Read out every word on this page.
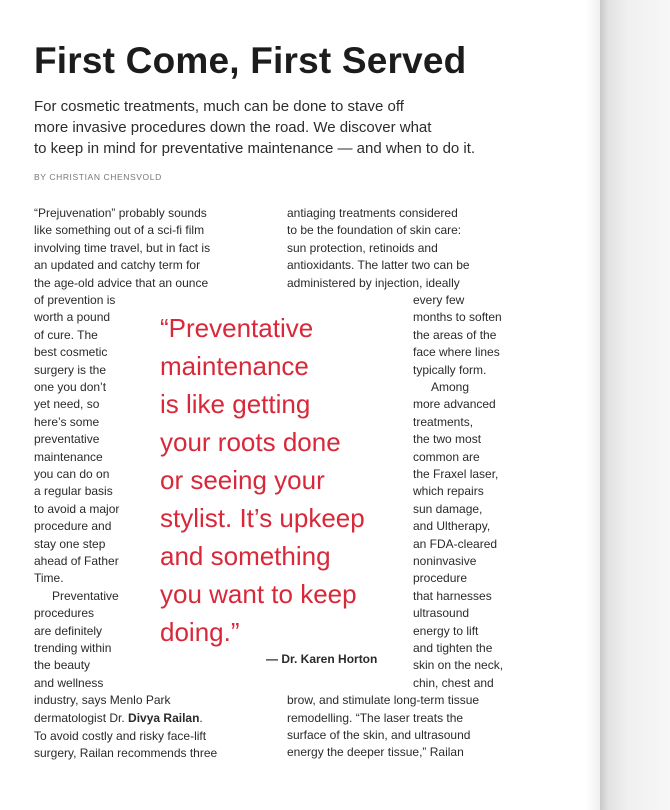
First Come, First Served
For cosmetic treatments, much can be done to stave off
more invasive procedures down the road. We discover what
to keep in mind for preventative maintenance — and when to do it.
BY CHRISTIAN CHENSVOLD

“Prejuvenation” probably sounds

like something out of a sci-fi film

involving time travel, but in fact is

an updated and catchy term for

the age-old advice that an ounce

of prevention is

worth a pound

of cure. The

best cosmetic

surgery is the

one you don’t

yet need, so

here’s some

preventative

maintenance

you can do on

a regular basis

to avoid a major

procedure and

stay one step

ahead of Father

Time.

Preventative

procedures

are definitely

trending within

the beauty

and wellness

industry, says Menlo Park

dermatologist Dr. Divya Railan.

To avoid costly and risky face-lift

surgery, Railan recommends three

antiaging treatments considered

to be the foundation of skin care:

sun protection, retinoids and

antioxidants. The latter two can be

administered by injection, ideally

every few

months to soften

the areas of the

face where lines

typically form.

Among

more advanced

treatments,

the two most

common are

the Fraxel laser,

which repairs

sun damage,

and Ultherapy,

an FDA-cleared

noninvasive

procedure

that harnesses

ultrasound

energy to lift

and tighten the

skin on the neck,

chin, chest and

brow, and stimulate long-term tissue

remodelling. “The laser treats the

surface of the skin, and ultrasound

energy the deeper tissue,” Railan

“Preventative
maintenance
is like getting
your roots done
or seeing your
stylist. It’s upkeep
and something
you want to keep
doing.”
— Dr. Karen Horton
